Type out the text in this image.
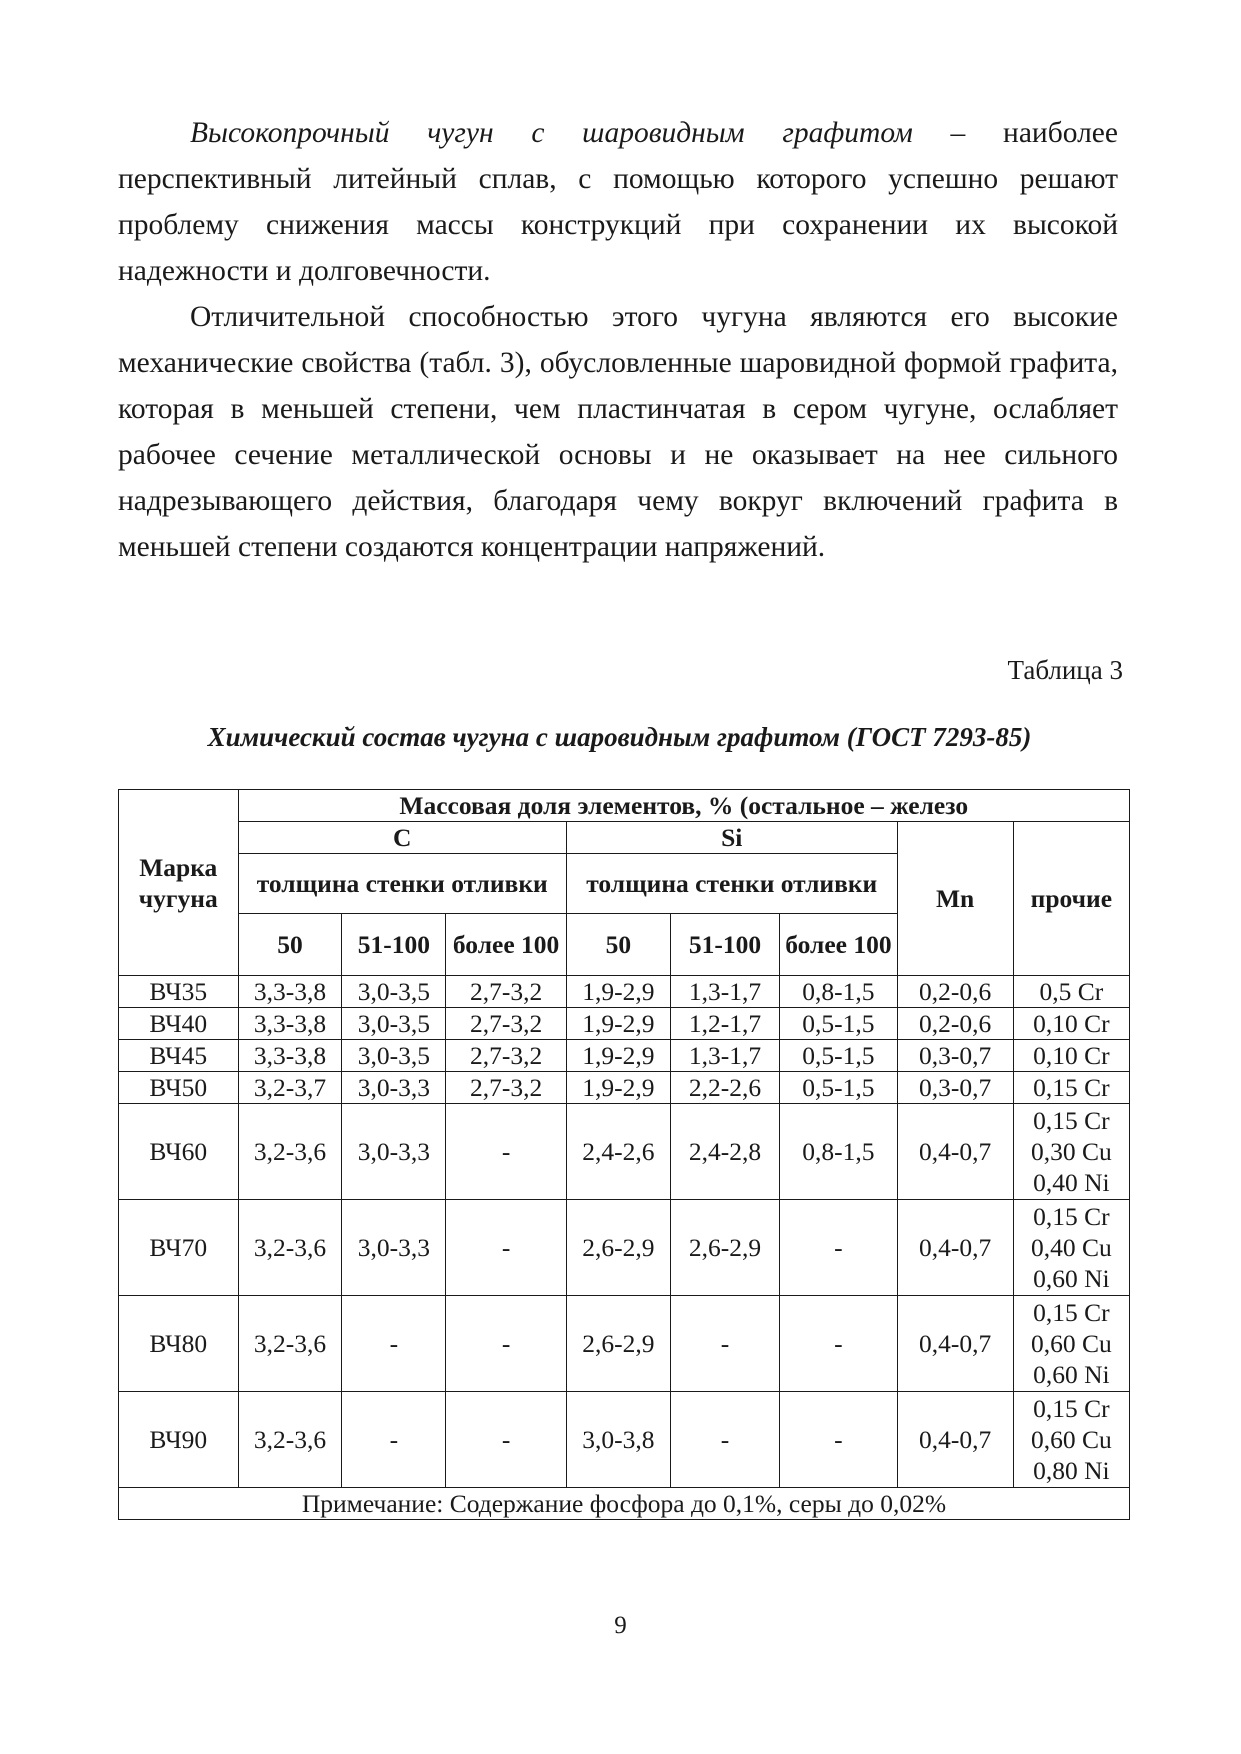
Высокопрочный чугун с шаровидным графитом – наиболее перспективный литейный сплав, с помощью которого успешно решают проблему снижения массы конструкций при сохранении их высокой надежности и долговечности.

Отличительной способностью этого чугуна являются его высокие механические свойства (табл. 3), обусловленные шаровидной формой графита, которая в меньшей степени, чем пластинчатая в сером чугуне, ослабляет рабочее сечение металлической основы и не оказывает на нее сильного надрезывающего действия, благодаря чему вокруг включений графита в меньшей степени создаются концентрации напряжений.

Таблица 3
Химический состав чугуна с шаровидным графитом (ГОСТ 7293-85)
Марка чугуна	Массовая доля элементов, % (остальное – железо							
	C			Si			Mn	прочие
	толщина стенки отливки			толщина стенки отливки				
	50	51-100	более 100	50	51-100	более 100		
ВЧ35	3,3-3,8	3,0-3,5	2,7-3,2	1,9-2,9	1,3-1,7	0,8-1,5	0,2-0,6	0,5 Cr
ВЧ40	3,3-3,8	3,0-3,5	2,7-3,2	1,9-2,9	1,2-1,7	0,5-1,5	0,2-0,6	0,10 Cr
ВЧ45	3,3-3,8	3,0-3,5	2,7-3,2	1,9-2,9	1,3-1,7	0,5-1,5	0,3-0,7	0,10 Cr
ВЧ50	3,2-3,7	3,0-3,3	2,7-3,2	1,9-2,9	2,2-2,6	0,5-1,5	0,3-0,7	0,15 Cr
ВЧ60	3,2-3,6	3,0-3,3	-	2,4-2,6	2,4-2,8	0,8-1,5	0,4-0,7	0,15 Cr
0,30 Cu
0,40 Ni

ВЧ70	3,2-3,6	3,0-3,3	-	2,6-2,9	2,6-2,9	-	0,4-0,7	0,15 Cr
0,40 Cu
0,60 Ni

ВЧ80	3,2-3,6	-	-	2,6-2,9	-	-	0,4-0,7	0,15 Cr
0,60 Cu
0,60 Ni

ВЧ90	3,2-3,6	-	-	3,0-3,8	-	-	0,4-0,7	0,15 Cr
0,60 Cu
0,80 Ni

Примечание: Содержание фосфора до 0,1%, серы до 0,02%								
9
